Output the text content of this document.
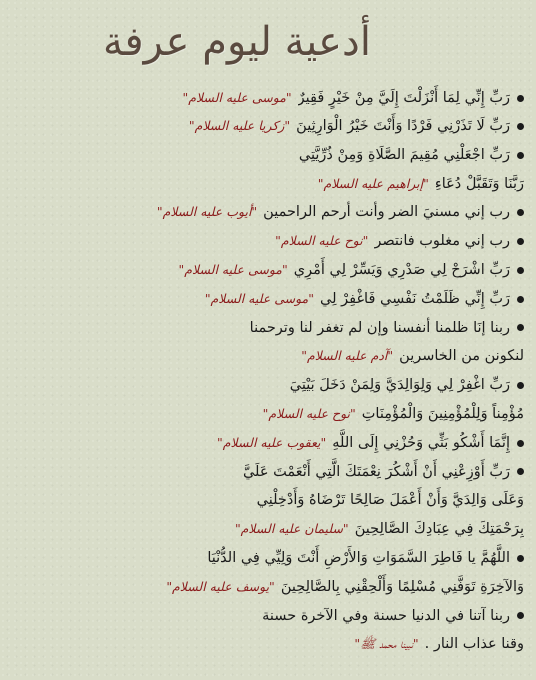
أدعية ليوم عرفة
رَبِّ إِنِّي لِمَا أَنْزَلْتَ إِلَيَّ مِنْ خَيْرٍ فَقِيرٌ
"موسى عليه السلام"
رَبِّ لَا تَذَرْنِي فَرْدًا وَأَنْتَ خَيْرُ الْوَارِثِينَ
"زكريا عليه السلام"
رَبِّ اجْعَلْنِي مُقِيمَ الصَّلَاةِ وَمِنْ ذُرِّيَّتِي
رَبَّنَا وَتَقَبَّلْ دُعَاءِ
"إبراهيم عليه السلام"
رب إني مسنيَ الضر وأنت أرحم الراحمين
"أيوب عليه السلام"
رب إني مغلوب فانتصر
"نوح عليه السلام"
رَبِّ اشْرَحْ لِي صَدْرِي وَيَسِّرْ لِي أَمْرِي
"موسى عليه السلام"
رَبِّ إِنِّي ظَلَمْتُ نَفْسِي فَاغْفِرْ لِي
"موسى عليه السلام"
ربنا إنَا ظلمنا أنفسنا وإن لم تغفر لنا وترحمنا
لنكونن من الخاسرين
"آدم عليه السلام"
رَبِّ اغْفِرْ لِي وَلِوَالِدَيَّ وَلِمَنْ دَخَلَ بَيْتِيَ
مُؤْمِناً وَلِلْمُؤْمِنِينَ وَالْمُؤْمِنَاتِ
"نوح عليه السلام"
إِنَّمَا أَشْكُو بَثِّي وَحُزْنِي إِلَى اللَّهِ
"يعقوب عليه السلام"
رَبِّ أَوْزِعْنِي أَنْ أَشْكُرَ نِعْمَتَكَ الَّتِي أَنْعَمْتَ عَلَيَّ
وَعَلَى وَالِدَيَّ وَأَنْ أَعْمَلَ صَالِحًا تَرْضَاهُ وَأَدْخِلْنِي
بِرَحْمَتِكَ فِي عِبَادِكَ الصَّالِحِينَ
"سليمان عليه السلام"
اللَّهُمَّ يا فَاطِرَ السَّمَوَاتِ وَالأَرْضِ أَنْتَ وَلِيِّي فِي الدُّنْيَا
وَالآخِرَةِ تَوَفَّنِي مُسْلِمًا وَأَلْحِقْنِي بِالصَّالِحِينَ
"يوسف عليه السلام"
ربنا آتنا في الدنيا حسنة وفي الآخرة حسنة
وقنا عذاب النار .
"نبينا محمد ﷺ"
